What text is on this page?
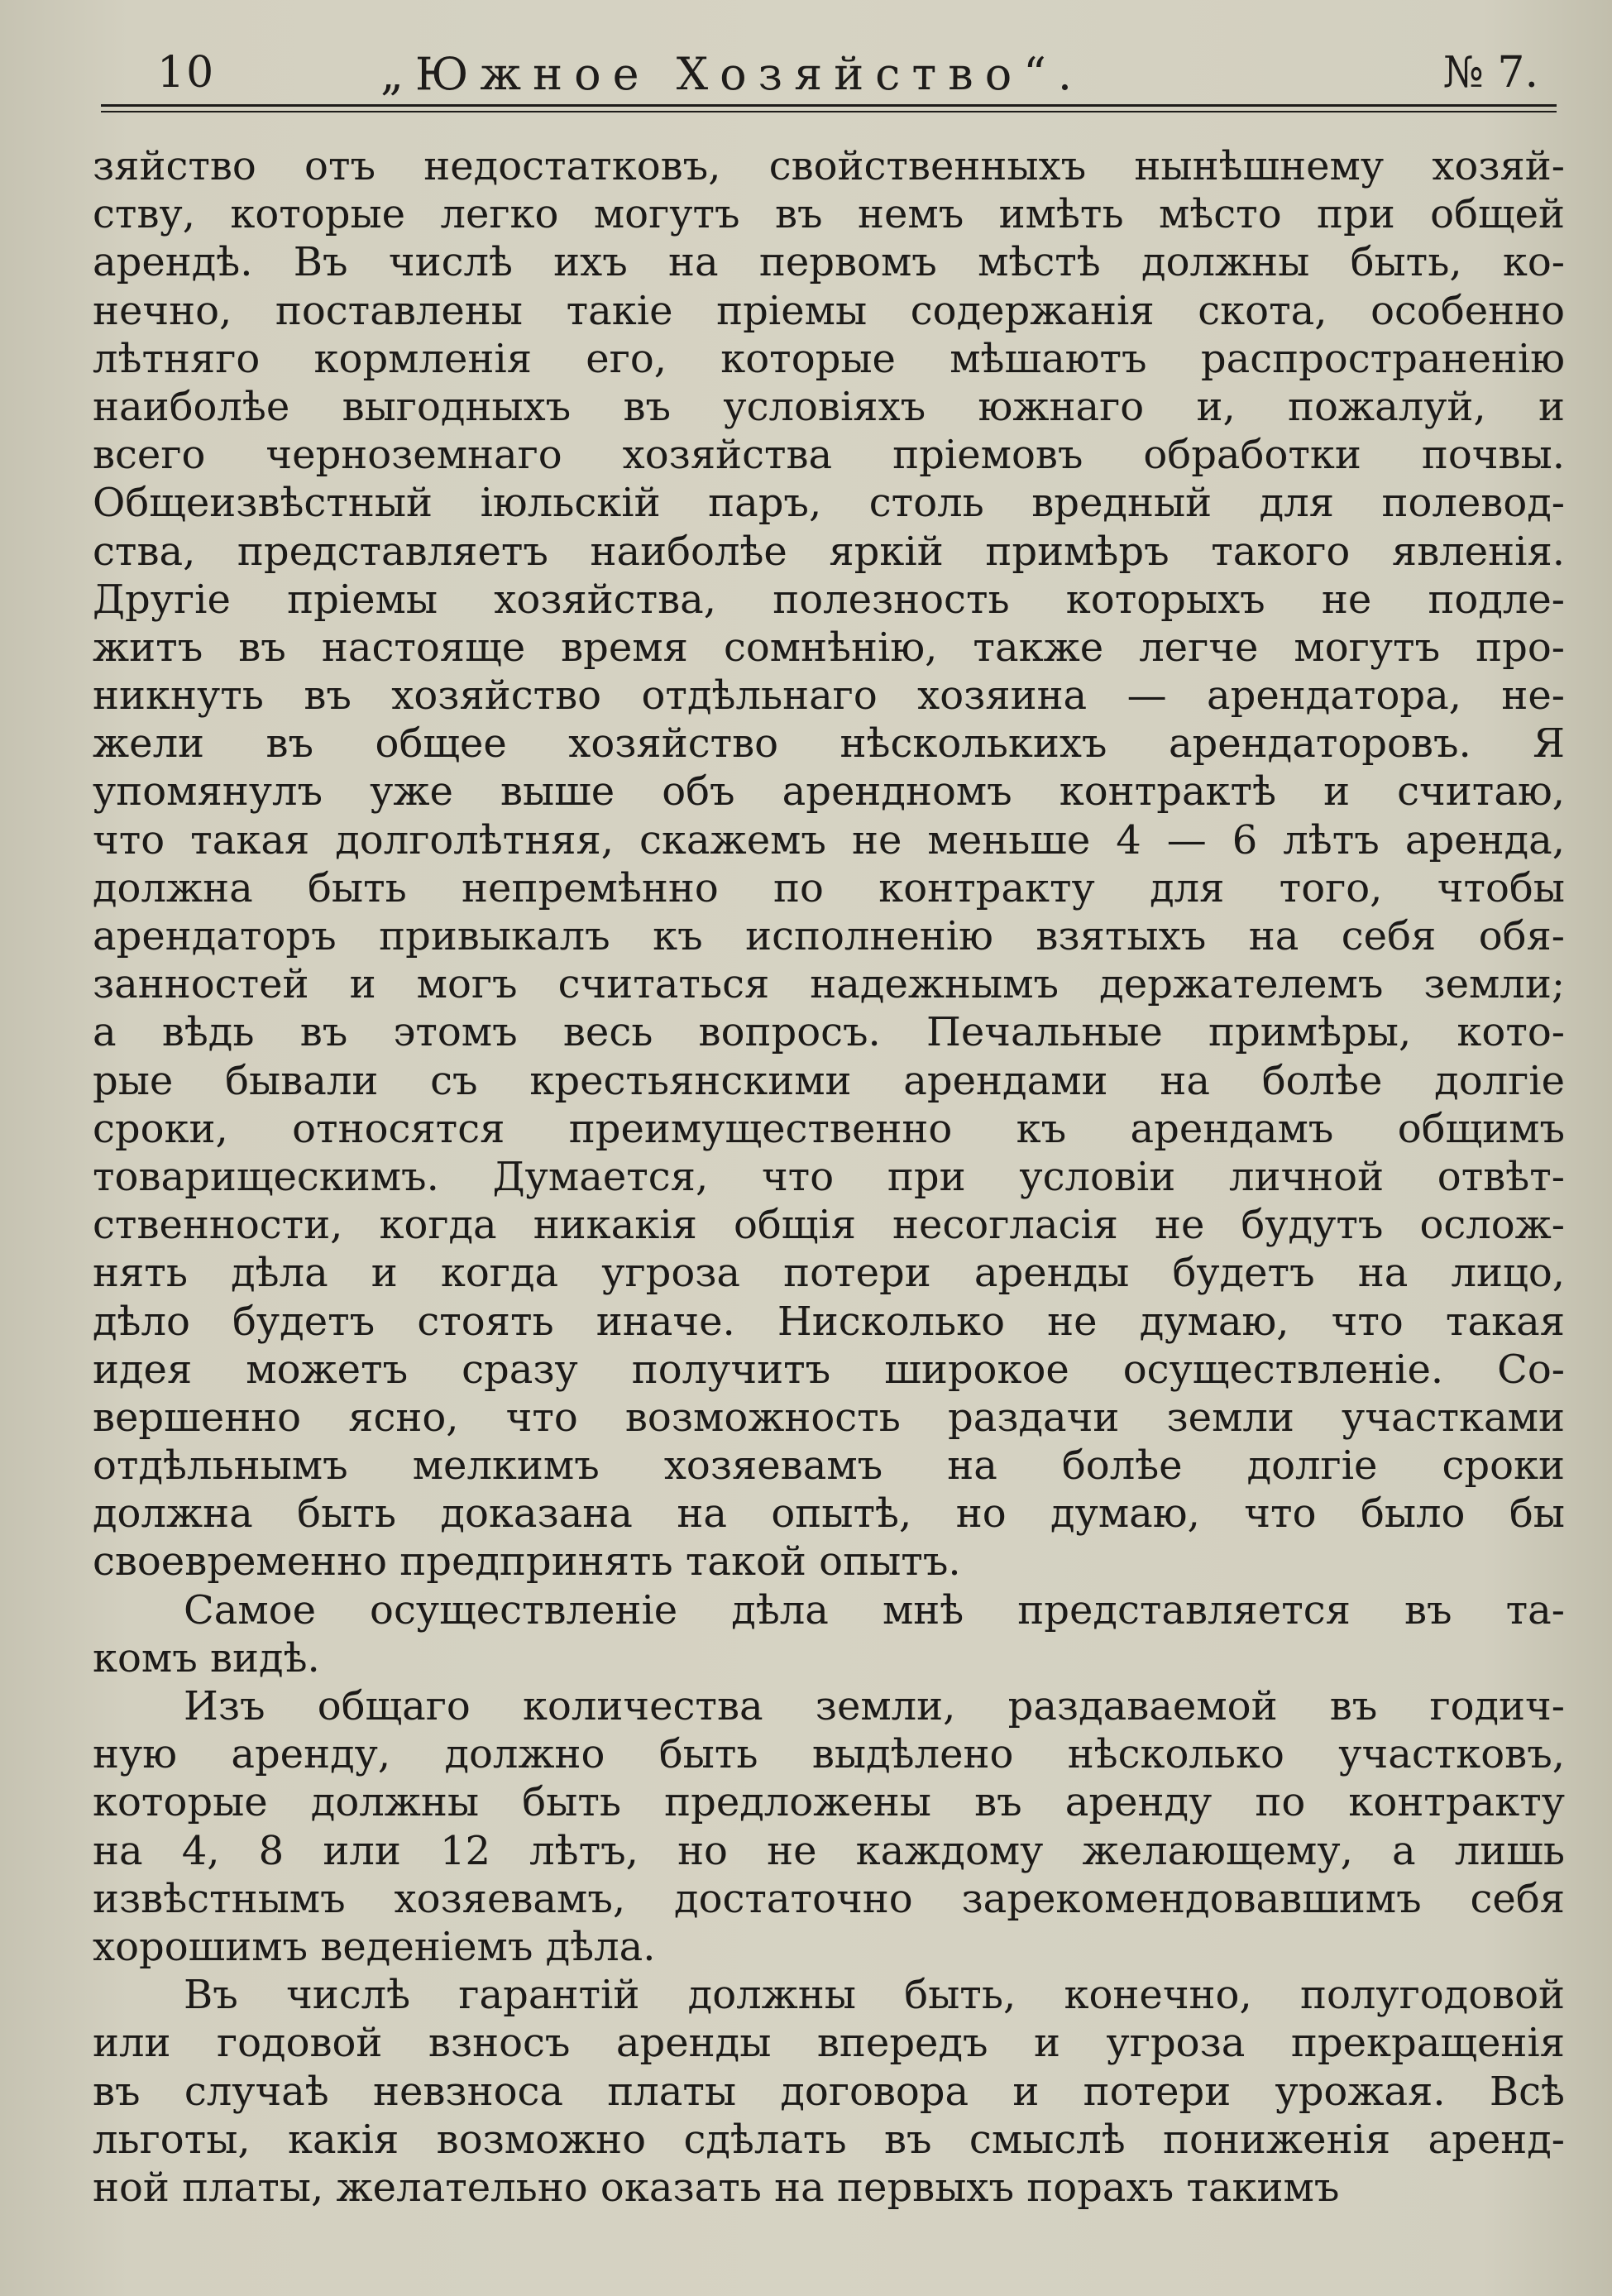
10	„Южное Хозяйство“.	№ 7.
зяйство отъ недостатковъ, свойственныхъ нынѣшнему хозяй-
ству, которые легко могутъ въ немъ имѣть мѣсто при общей
арендѣ. Въ числѣ ихъ на первомъ мѣстѣ должны быть, ко-
нечно, поставлены такіе пріемы содержанія скота, особенно
лѣтняго кормленія его, которые мѣшаютъ распространенію
наиболѣе выгодныхъ въ условіяхъ южнаго и, пожалуй, и
всего черноземнаго хозяйства пріемовъ обработки почвы.
Общеизвѣстный іюльскій паръ, столь вредный для полевод-
ства, представляетъ наиболѣе яркій примѣръ такого явленія.
Другіе пріемы хозяйства, полезность которыхъ не подле-
житъ въ настояще время сомнѣнію, также легче могутъ про-
никнуть въ хозяйство отдѣльнаго хозяина — арендатора, не-
жели въ общее хозяйство нѣсколькихъ арендаторовъ. Я
упомянулъ уже выше объ арендномъ контрактѣ и считаю,
что такая долголѣтняя, скажемъ не меньше 4 — 6 лѣтъ аренда,
должна быть непремѣнно по контракту для того, чтобы
арендаторъ привыкалъ къ исполненію взятыхъ на себя обя-
занностей и могъ считаться надежнымъ держателемъ земли;
а вѣдь въ этомъ весь вопросъ. Печальные примѣры, кото-
рые бывали съ крестьянскими арендами на болѣе долгіе
сроки, относятся преимущественно къ арендамъ общимъ
товарищескимъ. Думается, что при условіи личной отвѣт-
ственности, когда никакія общія несогласія не будутъ ослож-
нять дѣла и когда угроза потери аренды будетъ на лицо,
дѣло будетъ стоять иначе. Нисколько не думаю, что такая
идея можетъ сразу получитъ широкое осуществленіе. Со-
вершенно ясно, что возможность раздачи земли участками
отдѣльнымъ мелкимъ хозяевамъ на болѣе долгіе сроки
должна быть доказана на опытѣ, но думаю, что было бы
своевременно предпринять такой опытъ.
Самое осуществленіе дѣла мнѣ представляется въ та-
комъ видѣ.
Изъ общаго количества земли, раздаваемой въ годич-
ную аренду, должно быть выдѣлено нѣсколько участковъ,
которые должны быть предложены въ аренду по контракту
на 4, 8 или 12 лѣтъ, но не каждому желающему, а лишь
извѣстнымъ хозяевамъ, достаточно зарекомендовавшимъ себя
хорошимъ веденіемъ дѣла.
Въ числѣ гарантій должны быть, конечно, полугодовой
или годовой взносъ аренды впередъ и угроза прекращенія
въ случаѣ невзноса платы договора и потери урожая. Всѣ
льготы, какія возможно сдѣлать въ смыслѣ пониженія аренд-
ной платы, желательно оказать на первыхъ порахъ такимъ
